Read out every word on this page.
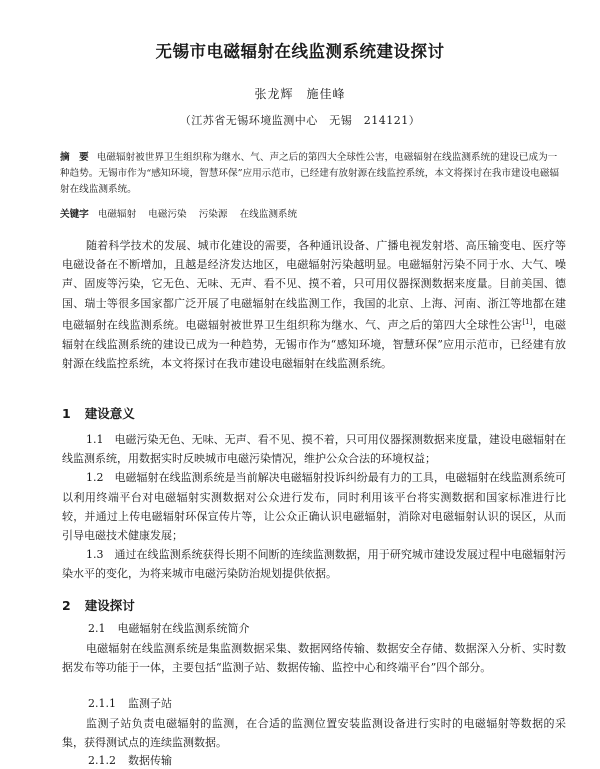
无锡市电磁辐射在线监测系统建设探讨
张龙辉　施佳峰
（江苏省无锡环境监测中心　无锡　214121）
摘　要 电磁辐射被世界卫生组织称为继水、气、声之后的第四大全球性公害，电磁辐射在线监测系统的建设已成为一种趋势。无锡市作为“感知环境，智慧环保”应用示范市，已经建有放射源在线监控系统，本文将探讨在我市建设电磁辐射在线监测系统。
关键字 电磁辐射 电磁污染 污染源 在线监测系统

随着科学技术的发展、城市化建设的需要，各种通讯设备、广播电视发射塔、高压输变电、医疗等电磁设备在不断增加，且越是经济发达地区，电磁辐射污染越明显。电磁辐射污染不同于水、大气、噪声、固废等污染，它无色、无味、无声、看不见、摸不着，只可用仪器探测数据来度量。目前美国、德国、瑞士等很多国家都广泛开展了电磁辐射在线监测工作，我国的北京、上海、河南、浙江等地都在建电磁辐射在线监测系统。电磁辐射被世界卫生组织称为继水、气、声之后的第四大全球性公害[1]，电磁辐射在线监测系统的建设已成为一种趋势，无锡市作为“感知环境，智慧环保”应用示范市，已经建有放射源在线监控系统，本文将探讨在我市建设电磁辐射在线监测系统。

1 建设意义

1.1　电磁污染无色、无味、无声、看不见、摸不着，只可用仪器探测数据来度量，建设电磁辐射在线监测系统，用数据实时反映城市电磁污染情况，维护公众合法的环境权益；

1.2　电磁辐射在线监测系统是当前解决电磁辐射投诉纠纷最有力的工具，电磁辐射在线监测系统可以利用终端平台对电磁辐射实测数据对公众进行发布，同时利用该平台将实测数据和国家标准进行比较，并通过上传电磁辐射环保宣传片等，让公众正确认识电磁辐射，消除对电磁辐射认识的误区，从而引导电磁技术健康发展；

1.3　通过在线监测系统获得长期不间断的连续监测数据，用于研究城市建设发展过程中电磁辐射污染水平的变化，为将来城市电磁污染防治规划提供依据。

2 建设探讨
2.1 电磁辐射在线监测系统简介

电磁辐射在线监测系统是集监测数据采集、数据网络传输、数据安全存储、数据深入分析、实时数据发布等功能于一体，主要包括“监测子站、数据传输、监控中心和终端平台”四个部分。

2.1.1 监测子站

监测子站负责电磁辐射的监测，在合适的监测位置安装监测设备进行实时的电磁辐射等数据的采集，获得测试点的连续监测数据。

2.1.2 数据传输
